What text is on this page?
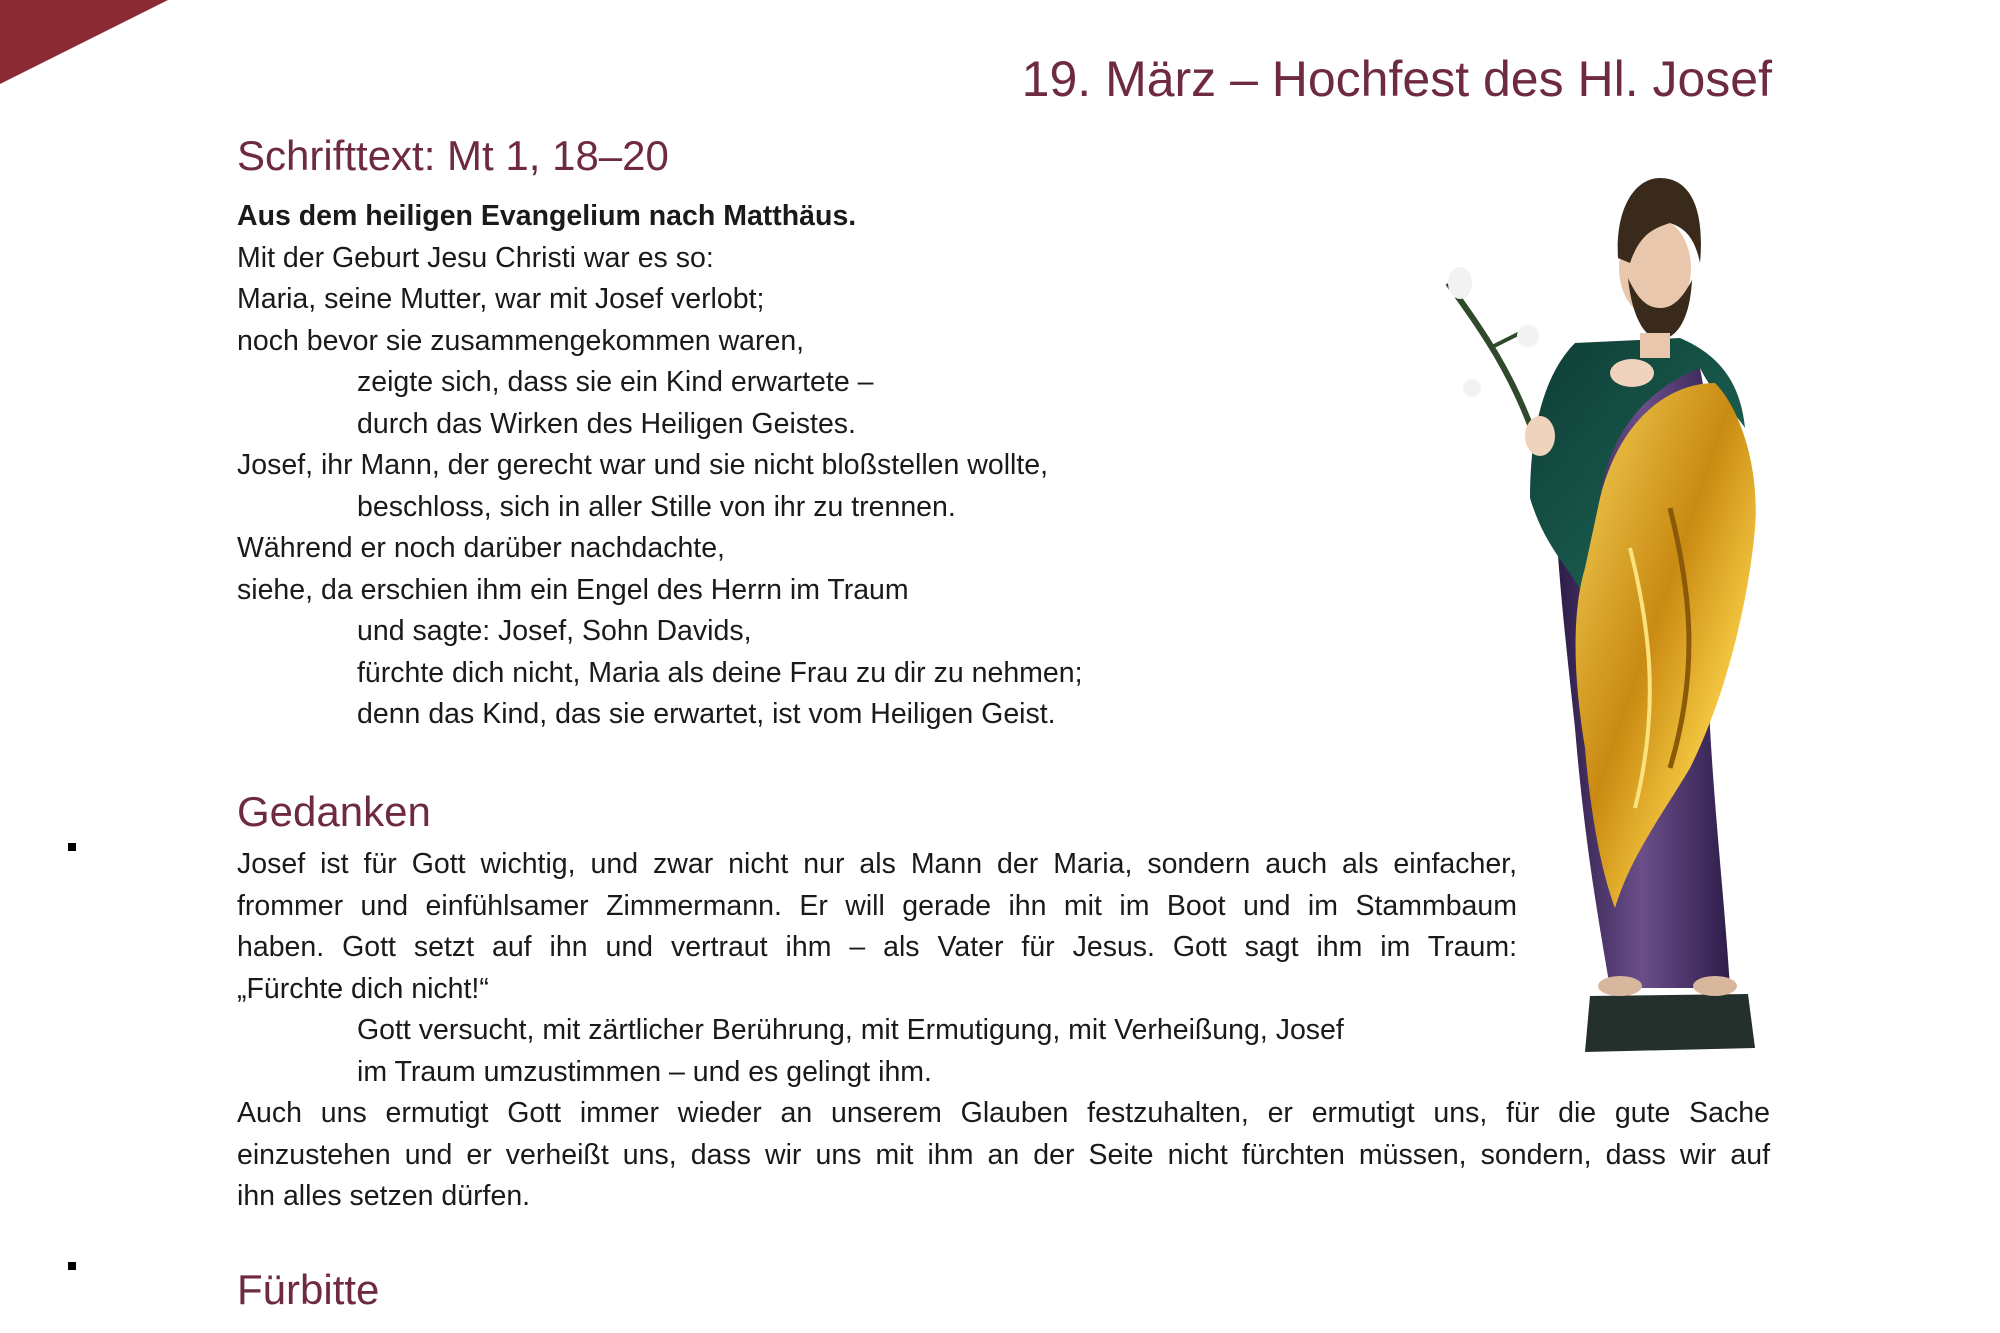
19. März – Hochfest des Hl. Josef
Schrifttext: Mt 1, 18–20
Aus dem heiligen Evangelium nach Matthäus.
Mit der Geburt Jesu Christi war es so:
Maria, seine Mutter, war mit Josef verlobt;
noch bevor sie zusammengekommen waren,
zeigte sich, dass sie ein Kind erwartete –
durch das Wirken des Heiligen Geistes.
Josef, ihr Mann, der gerecht war und sie nicht bloßstellen wollte,
beschloss, sich in aller Stille von ihr zu trennen.
Während er noch darüber nachdachte,
siehe, da erschien ihm ein Engel des Herrn im Traum
und sagte: Josef, Sohn Davids,
fürchte dich nicht, Maria als deine Frau zu dir zu nehmen;
denn das Kind, das sie erwartet, ist vom Heiligen Geist.
Gedanken
Josef ist für Gott wichtig, und zwar nicht nur als Mann der Maria, sondern auch als einfacher,
frommer und einfühlsamer Zimmermann. Er will gerade ihn mit im Boot und im Stammbaum
haben. Gott setzt auf ihn und vertraut ihm – als Vater für Jesus. Gott sagt ihm im Traum:
„Fürchte dich nicht!“
Gott versucht, mit zärtlicher Berührung, mit Ermutigung, mit Verheißung, Josef
im Traum umzustimmen – und es gelingt ihm.
Auch uns ermutigt Gott immer wieder an unserem Glauben festzuhalten, er ermutigt uns, für die gute Sache
einzustehen und er verheißt uns, dass wir uns mit ihm an der Seite nicht fürchten müssen, sondern, dass wir auf
ihn alles setzen dürfen.
Fürbitte
